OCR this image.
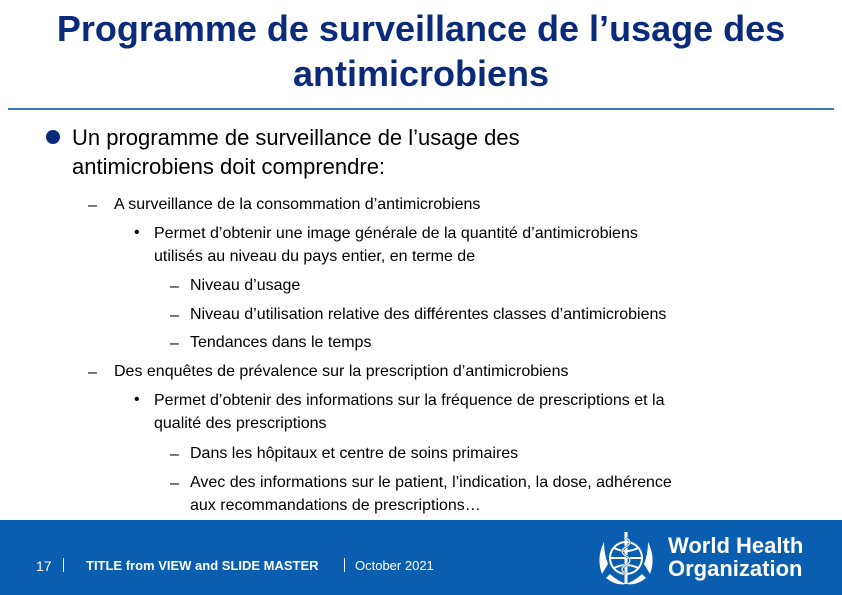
Programme de surveillance de l’usage des
antimicrobiens
Un programme de surveillance de l’usage des
antimicrobiens doit comprendre:
– A surveillance de la consommation d’antimicrobiens
• Permet d’obtenir une image générale de la quantité d’antimicrobiens
utilisés au niveau du pays entier, en terme de
– Niveau d’usage
– Niveau d’utilisation relative des différentes classes d’antimicrobiens
– Tendances dans le temps
– Des enquêtes de prévalence sur la prescription d’antimicrobiens
• Permet d’obtenir des informations sur la fréquence de prescriptions et la
qualité des prescriptions
– Dans les hôpitaux et centre de soins primaires
– Avec des informations sur le patient, l’indication, la dose, adhérence
aux recommandations de prescriptions…
17	TITLE from VIEW and SLIDE MASTER	October 2021
World Health
Organization
